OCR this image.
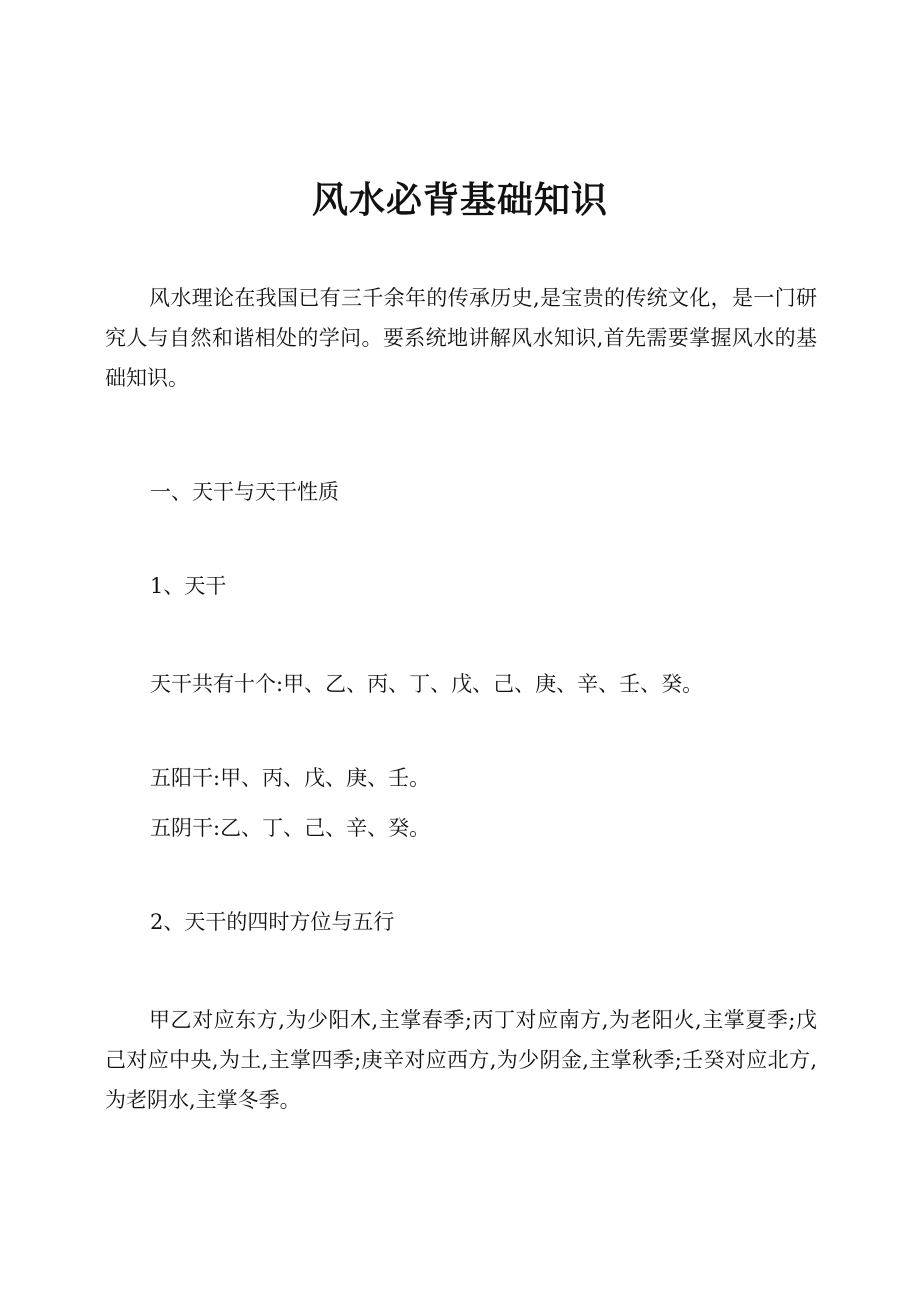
风水必背基础知识

风水理论在我国已有三千余年的传承历史,是宝贵的传统文化，是一门研究人与自然和谐相处的学问。要系统地讲解风水知识,首先需要掌握风水的基础知识。

一、天干与天干性质

1、天干

天干共有十个:甲、乙、丙、丁、戊、己、庚、辛、壬、癸。

五阳干:甲、丙、戊、庚、壬。

五阴干:乙、丁、己、辛、癸。

2、天干的四时方位与五行

甲乙对应东方,为少阳木,主掌春季;丙丁对应南方,为老阳火,主掌夏季;戊己对应中央,为土,主掌四季;庚辛对应西方,为少阴金,主掌秋季;壬癸对应北方,为老阴水,主掌冬季。
